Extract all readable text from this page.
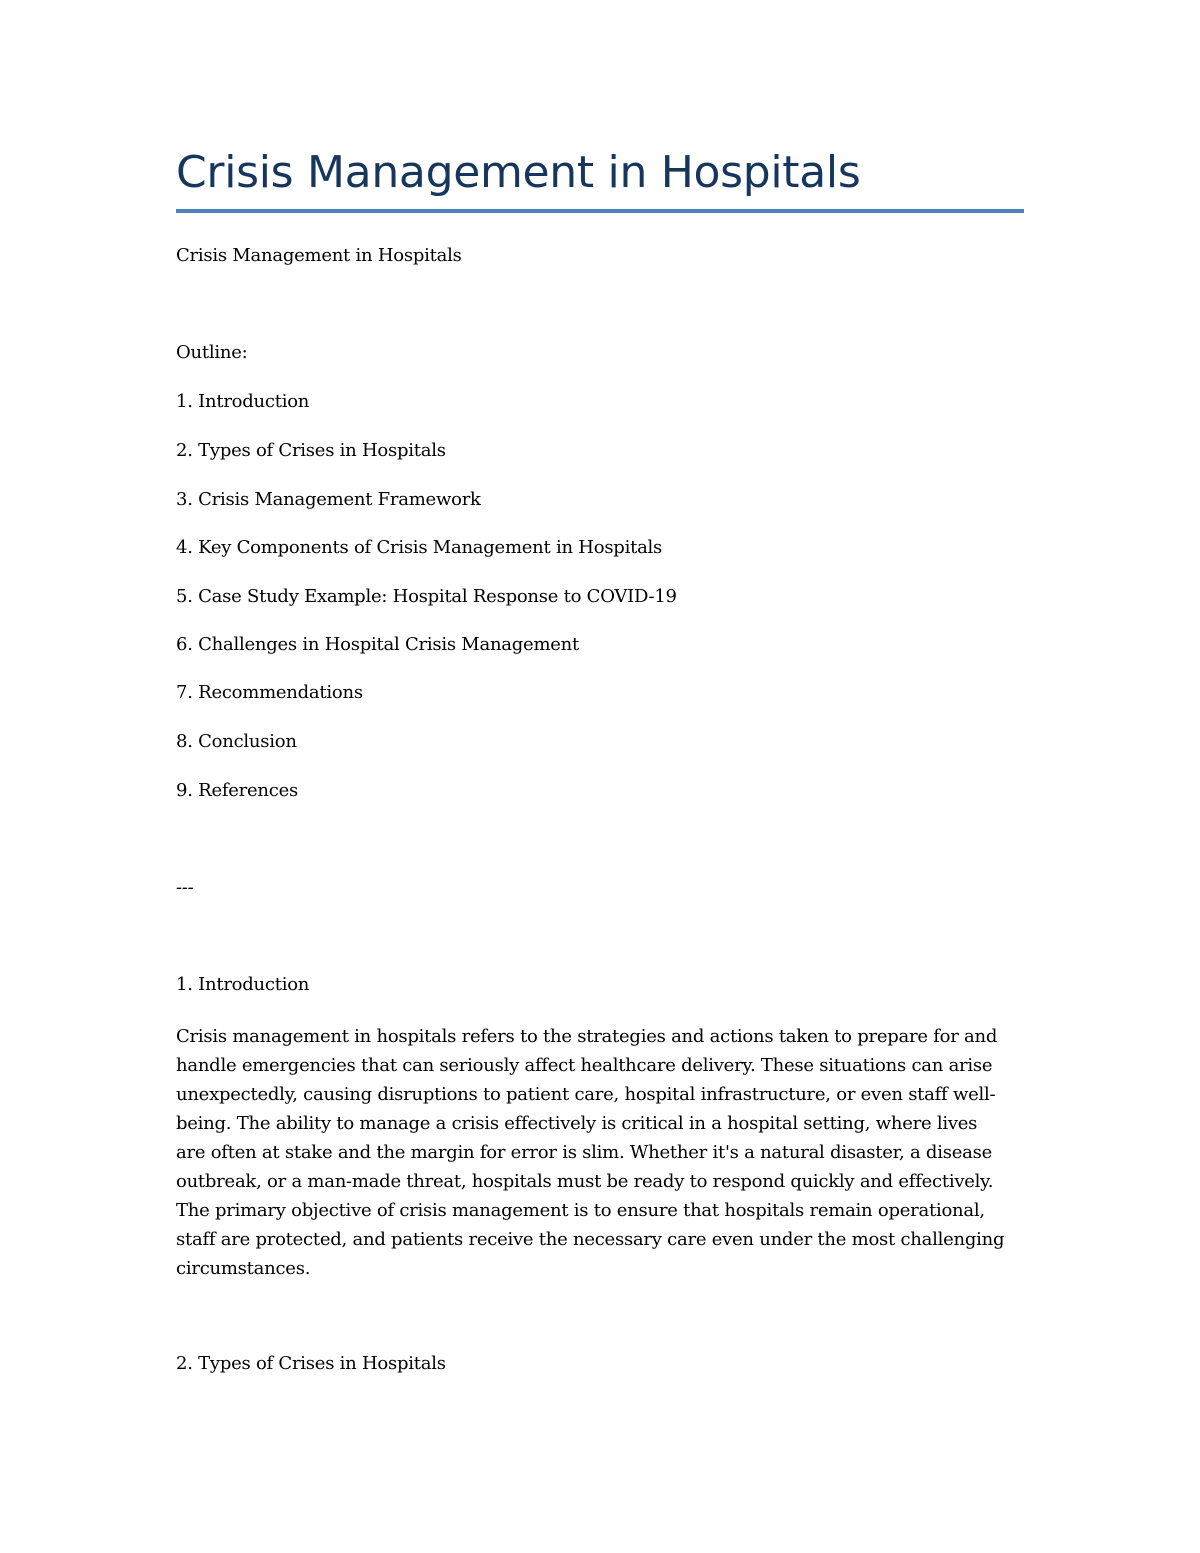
Crisis Management in Hospitals
Crisis Management in Hospitals
Outline:
1. Introduction
2. Types of Crises in Hospitals
3. Crisis Management Framework
4. Key Components of Crisis Management in Hospitals
5. Case Study Example: Hospital Response to COVID-19
6. Challenges in Hospital Crisis Management
7. Recommendations
8. Conclusion
9. References
---
1. Introduction
Crisis management in hospitals refers to the strategies and actions taken to prepare for and
handle emergencies that can seriously affect healthcare delivery. These situations can arise
unexpectedly, causing disruptions to patient care, hospital infrastructure, or even staff well-
being. The ability to manage a crisis effectively is critical in a hospital setting, where lives
are often at stake and the margin for error is slim. Whether it's a natural disaster, a disease
outbreak, or a man-made threat, hospitals must be ready to respond quickly and effectively.
The primary objective of crisis management is to ensure that hospitals remain operational,
staff are protected, and patients receive the necessary care even under the most challenging
circumstances.
2. Types of Crises in Hospitals
